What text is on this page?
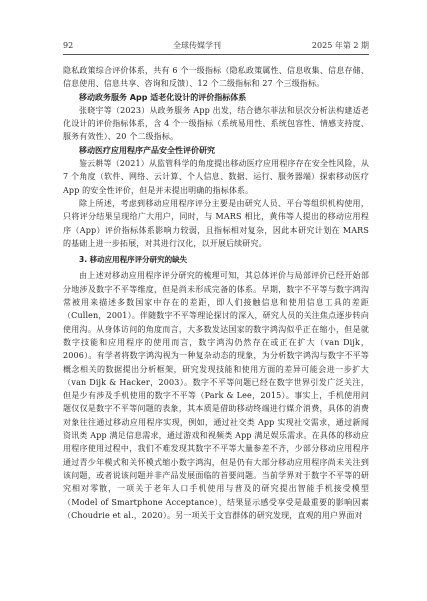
92	全球传媒学刊	2025 年第 2 期

隐私政策综合评价体系，共有 6 个一级指标（隐私政策属性、信息收集、信息存储、信息使用、信息共享、咨询和反馈）、12 个二级指标和 27 个三级指标。

移动政务服务 App 适老化设计的评价指标体系

张晓宇等（2023）从政务服务 App 出发，结合德尔菲法和层次分析法构建适老化设计的评价指标体系，含 4 个一级指标（系统易用性、系统包容性、情感支持度、服务有效性）、20 个二级指标。

移动医疗应用程序产品安全性评价研究

鉴云耕等（2021）从监管科学的角度提出移动医疗应用程序存在安全性风险，从 7 个角度（软件、网络、云计算、个人信息、数据、运行、服务器端）探索移动医疗 App 的安全性评价，但是并未提出明确的指标体系。

除上所述，考虑到移动应用程序评分主要是由研究人员、平台等组织机构使用，只将评分结果呈现给广大用户，同时，与 MARS 相比，黄伟等人提出的移动应用程序（App）评价指标体系影响力较弱，且指标相对复杂，因此本研究计划在 MARS 的基础上进一步拓展，对其进行汉化，以开展后续研究。

3. 移动应用程序评分研究的缺失

由上述对移动应用程序评分研究的梳理可知，其总体评价与局部评价已经开始部分地涉及数字不平等维度，但是尚未形成完备的体系。早期，数字不平等与数字鸿沟常被用来描述多数国家中存在的差距，即人们接触信息和使用信息工具的差距（Cullen，2001）。伴随数字不平等理论探讨的深入，研究人员的关注焦点逐步转向使用沟。从身体访问的角度而言，大多数发达国家的数字鸿沟似乎正在缩小，但是就数字技能和应用程序的使用而言，数字鸿沟仍然存在或正在扩大（van Dijk，2006）。有学者将数字鸿沟视为一种复杂动态的现象，为分析数字鸿沟与数字不平等概念相关的数据提出分析框架，研究发现技能和使用方面的差异可能会进一步扩大（van Dijk & Hacker，2003）。数字不平等问题已经在数字世界引发广泛关注，但是少有涉及手机使用的数字不平等（Park & Lee，2015）。事实上，手机使用问题仅仅是数字不平等问题的表象，其本质是借助移动终端进行媒介消费，具体的消费对象往往通过移动应用程序实现，例如，通过社交类 App 实现社交需求，通过新闻资讯类 App 满足信息需求，通过游戏和视频类 App 满足娱乐需求。在具体的移动应用程序使用过程中，我们不难发现其数字不平等大量参差不齐，少部分移动应用程序通过青少年模式和关怀模式缩小数字鸿沟，但是仍有大部分移动应用程序尚未关注到该问题，或者说该问题并非产品发展面临的首要问题。当前学界对于数字不平等的研究相对零散，一项关于老年人口手机使用与普及的研究提出智能手机接受模型（Model of Smartphone Acceptance），结果显示感受享受是最重要的影响因素（Choudrie et al.，2020）。另一项关于文盲群体的研究发现，直观的用户界面对
